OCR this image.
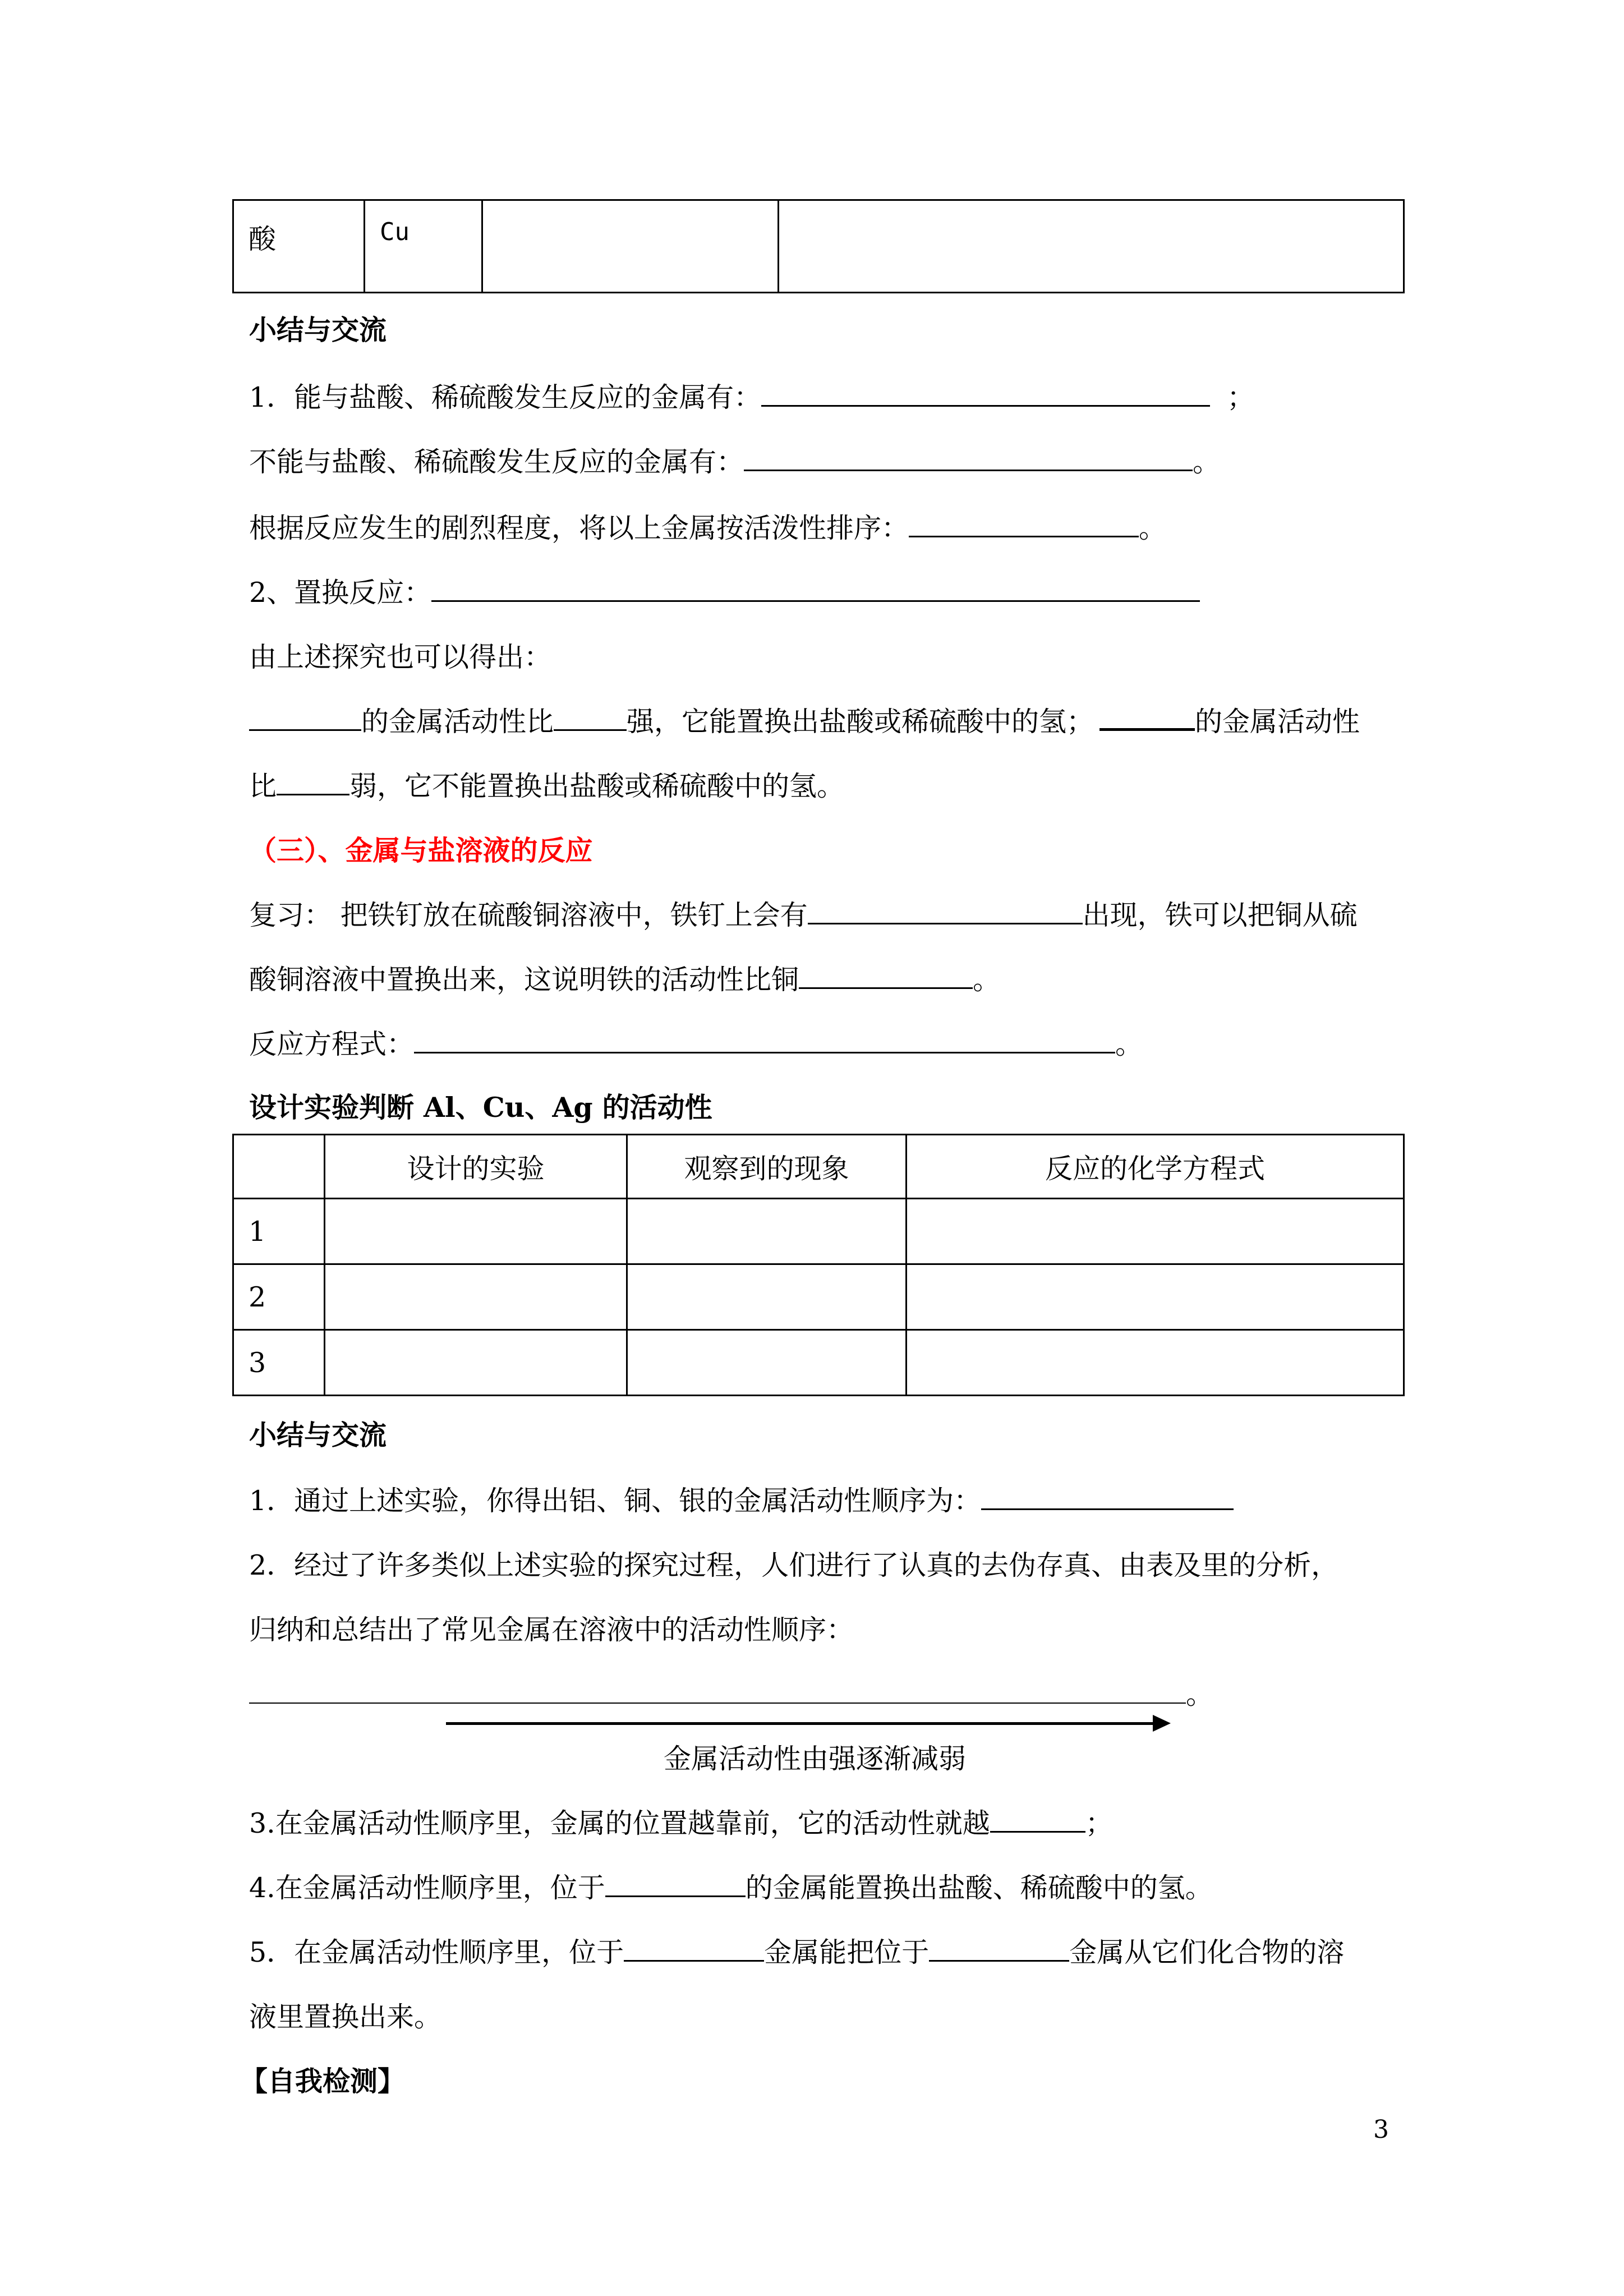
酸	Cu

小结与交流
1．能与盐酸、稀硫酸发生反应的金属有：	；
不能与盐酸、稀硫酸发生反应的金属有：	。
根据反应发生的剧烈程度，将以上金属按活泼性排序：	。
2、置换反应：
由上述探究也可以得出：
的金属活动性比	强，它能置换出盐酸或稀硫酸中的氢；	的金属活动性
比	弱，它不能置换出盐酸或稀硫酸中的氢。
（三）、金属与盐溶液的反应
复习： 把铁钉放在硫酸铜溶液中，铁钉上会有	出现，铁可以把铜从硫
酸铜溶液中置换出来，这说明铁的活动性比铜	。
反应方程式：	。
设计实验判断 Al、Cu、Ag 的活动性
	设计的实验	观察到的现象	反应的化学方程式
1			
2			
3			
小结与交流
1．通过上述实验，你得出铝、铜、银的金属活动性顺序为：
2．经过了许多类似上述实验的探究过程，人们进行了认真的去伪存真、由表及里的分析，
归纳和总结出了常见金属在溶液中的活动性顺序：
。
金属活动性由强逐渐减弱
3.在金属活动性顺序里，金属的位置越靠前，它的活动性就越	；
4.在金属活动性顺序里，位于	的金属能置换出盐酸、稀硫酸中的氢。
5．在金属活动性顺序里，位于	金属能把位于	金属从它们化合物的溶
液里置换出来。
【自我检测】
3
